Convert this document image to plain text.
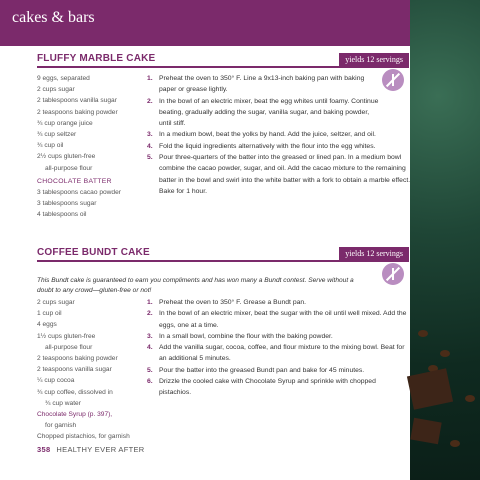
cakes & bars
FLUFFY MARBLE CAKE	yields 12 servings
9 eggs, separated
2 cups sugar
2 tablespoons vanilla sugar
2 teaspoons baking powder
¾ cup orange juice
¾ cup seltzer
¾ cup oil
2½ cups gluten-free
all-purpose flour
CHOCOLATE BATTER
3 tablespoons cacao powder
3 tablespoons sugar
4 tablespoons oil
1. Preheat the oven to 350° F. Line a 9x13-inch baking pan with baking paper or grease lightly.
2. In the bowl of an electric mixer, beat the egg whites until foamy. Continue beating, gradually adding the sugar, vanilla sugar, and baking powder, until stiff.
3. In a medium bowl, beat the yolks by hand. Add the juice, seltzer, and oil.
4. Fold the liquid ingredients alternatively with the flour into the egg whites.
5. Pour three-quarters of the batter into the greased or lined pan. In a medium bowl combine the cacao powder, sugar, and oil. Add the cacao mixture to the remaining batter in the bowl and swirl into the white batter with a fork to obtain a marble effect. Bake for 1 hour.
COFFEE BUNDT CAKE	yields 12 servings
This Bundt cake is guaranteed to earn you compliments and has won many a Bundt contest. Serve without a doubt to any crowd—gluten-free or not!
2 cups sugar
1 cup oil
4 eggs
1½ cups gluten-free
all-purpose flour
2 teaspoons baking powder
2 teaspoons vanilla sugar
¼ cup cocoa
¾ cup coffee, dissolved in
¾ cup water
Chocolate Syrup (p. 397),
for garnish
Chopped pistachios, for garnish
1. Preheat the oven to 350° F. Grease a Bundt pan.
2. In the bowl of an electric mixer, beat the sugar with the oil until well mixed. Add the eggs, one at a time.
3. In a small bowl, combine the flour with the baking powder.
4. Add the vanilla sugar, cocoa, coffee, and flour mixture to the mixing bowl. Beat for an additional 5 minutes.
5. Pour the batter into the greased Bundt pan and bake for 45 minutes.
6. Drizzle the cooled cake with Chocolate Syrup and sprinkle with chopped pistachios.
358 HEALTHY EVER AFTER
